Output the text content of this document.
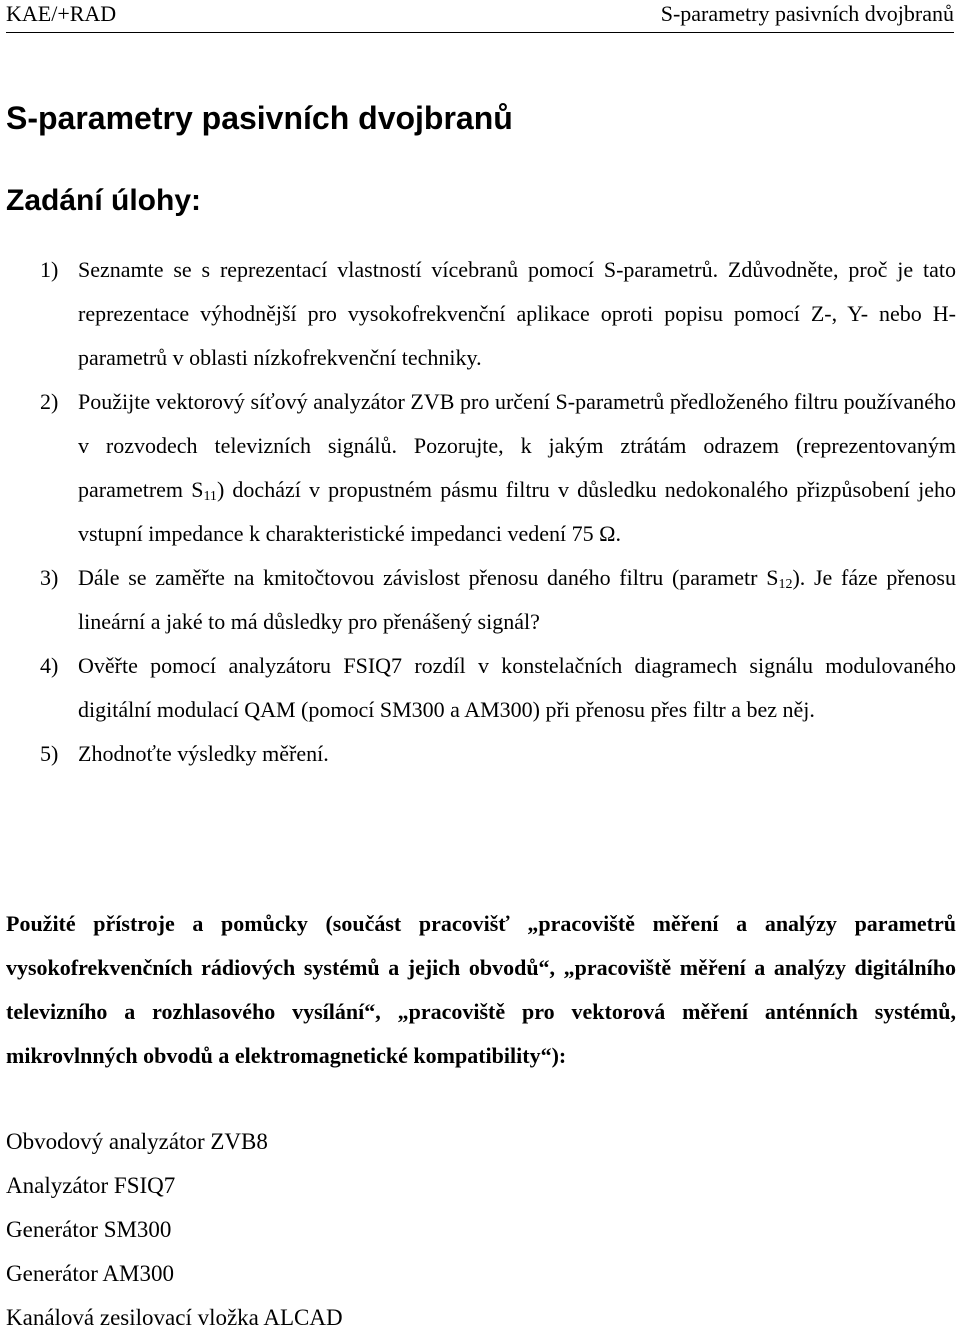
KAE/+RAD	S-parametry pasivních dvojbranů
S-parametry pasivních dvojbranů
Zadání úlohy:
1) Seznamte se s reprezentací vlastností vícebranů pomocí S-parametrů. Zdůvodněte, proč je tato reprezentace výhodnější pro vysokofrekvenční aplikace oproti popisu pomocí Z-, Y- nebo H-parametrů v oblasti nízkofrekvenční techniky.
2) Použijte vektorový síťový analyzátor ZVB pro určení S-parametrů předloženého filtru používaného v rozvodech televizních signálů. Pozorujte, k jakým ztrátám odrazem (reprezentovaným parametrem $S_{11}$) dochází v propustném pásmu filtru v důsledku nedokonalého přizpůsobení jeho vstupní impedance k charakteristické impedanci vedení 75 Ω.
3) Dále se zaměřte na kmitočtovou závislost přenosu daného filtru (parametr $S_{12}$). Je fáze přenosu lineární a jaké to má důsledky pro přenášený signál?
4) Ověřte pomocí analyzátoru FSIQ7 rozdíl v konstelačních diagramech signálu modulovaného digitální modulací QAM (pomocí SM300 a AM300) při přenosu přes filtr a bez něj.
5) Zhodnoťte výsledky měření.
Použité přístroje a pomůcky (součást pracovišť „pracoviště měření a analýzy parametrů vysokofrekvenčních rádiových systémů a jejich obvodů“, „pracoviště měření a analýzy digitálního televizního a rozhlasového vysílání“, „pracoviště pro vektorová měření anténních systémů, mikrovlnných obvodů a elektromagnetické kompatibility“):
Obvodový analyzátor ZVB8
Analyzátor FSIQ7
Generátor SM300
Generátor AM300
Kanálová zesilovací vložka ALCAD
